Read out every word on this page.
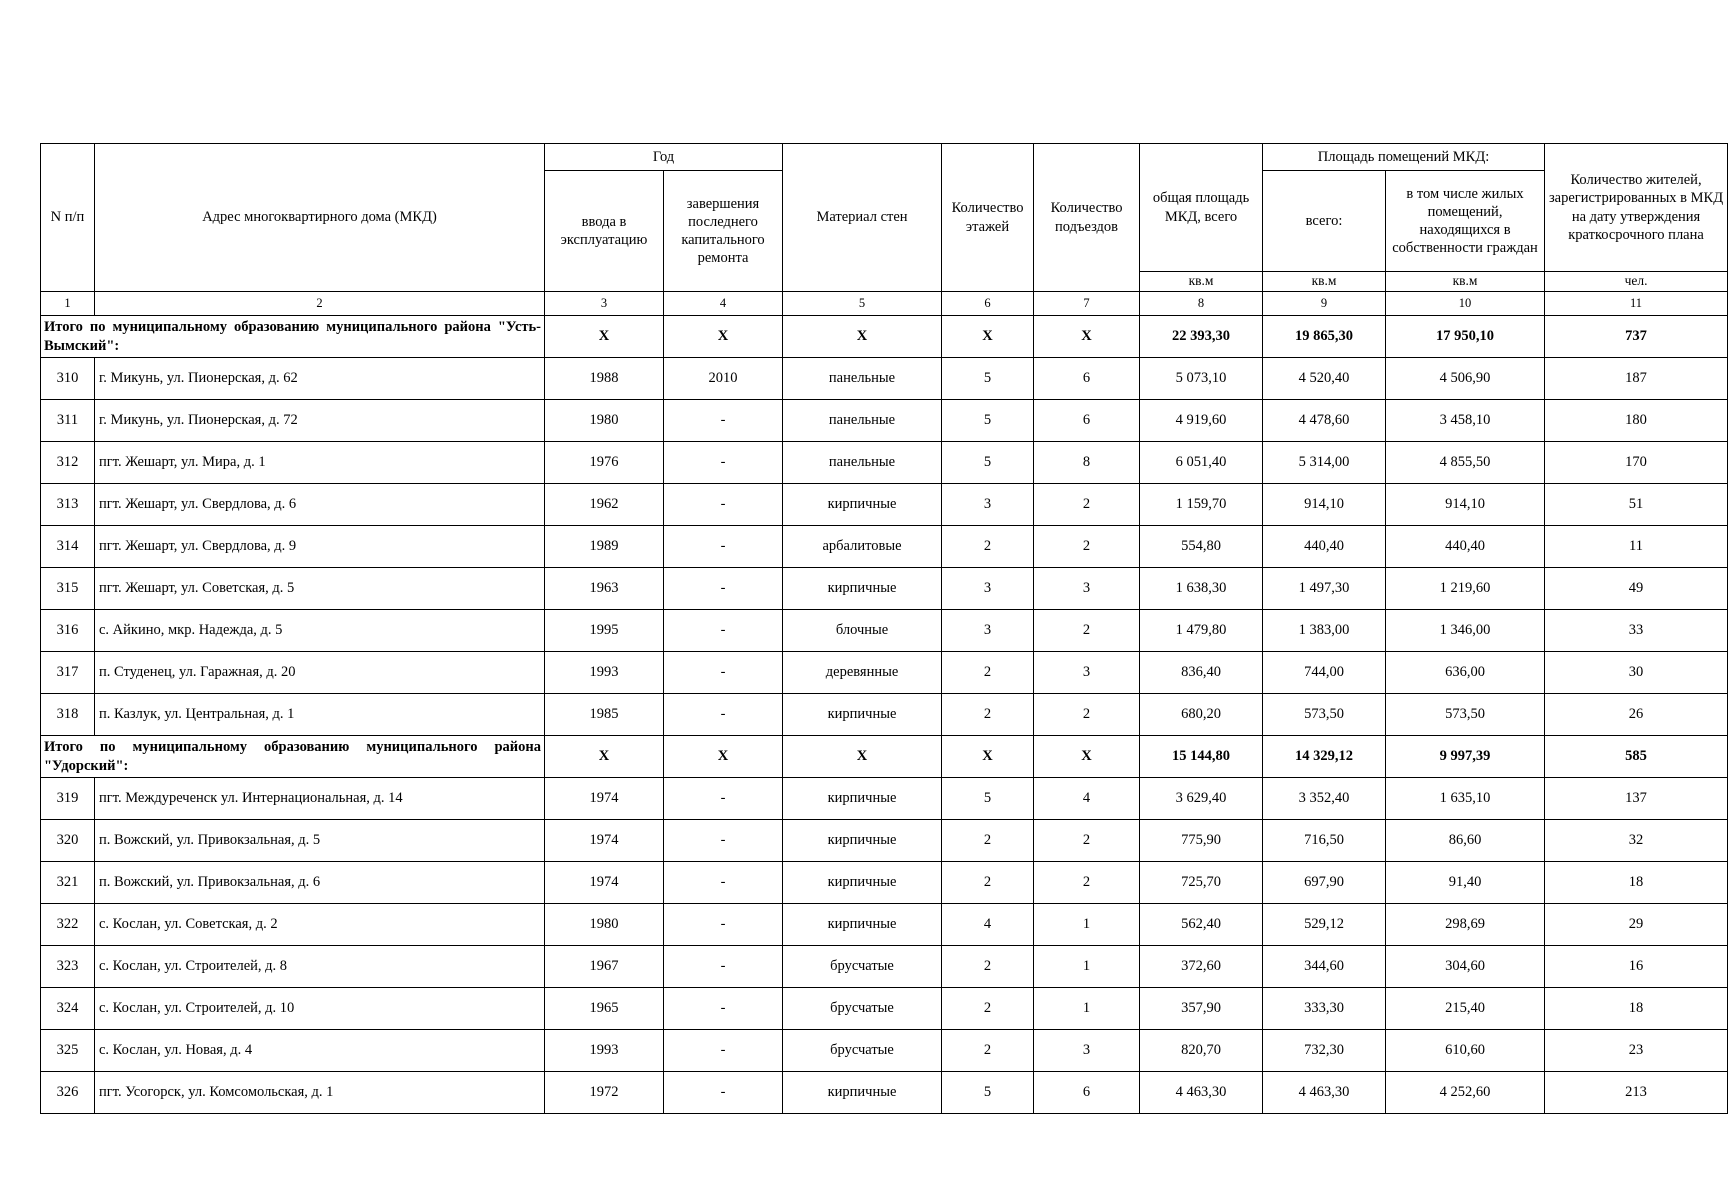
N п/п	Адрес многоквартирного дома (МКД)	Год		Материал стен	Количество этажей	Количество подъездов	общая площадь МКД, всего	Площадь помещений МКД:		Количество жителей, зарегистрированных в МКД на дату утверждения краткосрочного плана
		ввода в эксплуатацию	завершения последнего капитального ремонта					всего:	в том числе жилых помещений, находящихся в собственности граждан	
							кв.м	кв.м	кв.м	чел.
1	2	3	4	5	6	7	8	9	10	11
Итого по муниципальному образованию муниципального района "Усть-Вымский":		X	X	X	X	X	22 393,30	19 865,30	17 950,10	737
310	г. Микунь, ул. Пионерская, д. 62	1988	2010	панельные	5	6	5 073,10	4 520,40	4 506,90	187
311	г. Микунь, ул. Пионерская, д. 72	1980	-	панельные	5	6	4 919,60	4 478,60	3 458,10	180
312	пгт. Жешарт, ул. Мира, д. 1	1976	-	панельные	5	8	6 051,40	5 314,00	4 855,50	170
313	пгт. Жешарт, ул. Свердлова, д. 6	1962	-	кирпичные	3	2	1 159,70	914,10	914,10	51
314	пгт. Жешарт, ул. Свердлова, д. 9	1989	-	арбалитовые	2	2	554,80	440,40	440,40	11
315	пгт. Жешарт, ул. Советская, д. 5	1963	-	кирпичные	3	3	1 638,30	1 497,30	1 219,60	49
316	с. Айкино, мкр. Надежда, д. 5	1995	-	блочные	3	2	1 479,80	1 383,00	1 346,00	33
317	п. Студенец, ул. Гаражная, д. 20	1993	-	деревянные	2	3	836,40	744,00	636,00	30
318	п. Казлук, ул. Центральная, д. 1	1985	-	кирпичные	2	2	680,20	573,50	573,50	26
Итого по муниципальному образованию муниципального района "Удорский":		X	X	X	X	X	15 144,80	14 329,12	9 997,39	585
319	пгт. Междуреченск ул. Интернациональная, д. 14	1974	-	кирпичные	5	4	3 629,40	3 352,40	1 635,10	137
320	п. Вожский, ул. Привокзальная, д. 5	1974	-	кирпичные	2	2	775,90	716,50	86,60	32
321	п. Вожский, ул. Привокзальная, д. 6	1974	-	кирпичные	2	2	725,70	697,90	91,40	18
322	с. Кослан, ул. Советская, д. 2	1980	-	кирпичные	4	1	562,40	529,12	298,69	29
323	с. Кослан, ул. Строителей, д. 8	1967	-	брусчатые	2	1	372,60	344,60	304,60	16
324	с. Кослан, ул. Строителей, д. 10	1965	-	брусчатые	2	1	357,90	333,30	215,40	18
325	с. Кослан, ул. Новая, д. 4	1993	-	брусчатые	2	3	820,70	732,30	610,60	23
326	пгт. Усогорск, ул. Комсомольская, д. 1	1972	-	кирпичные	5	6	4 463,30	4 463,30	4 252,60	213
